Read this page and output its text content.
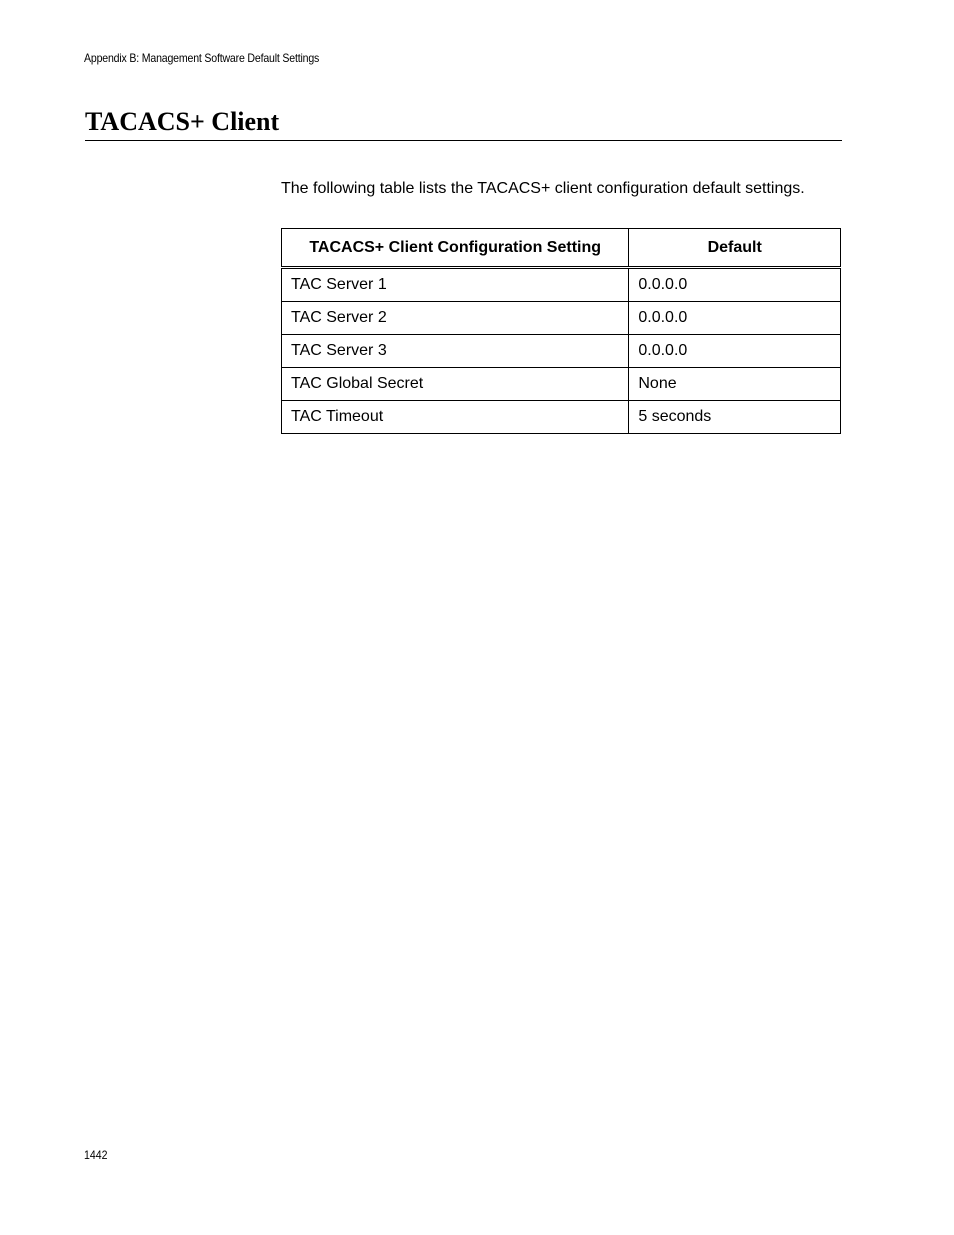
Appendix B: Management Software Default Settings
TACACS+ Client

The following table lists the TACACS+ client configuration default settings.

TACACS+ Client Configuration Setting	Default
TAC Server 1	0.0.0.0
TAC Server 2	0.0.0.0
TAC Server 3	0.0.0.0
TAC Global Secret	None
TAC Timeout	5 seconds
1442
